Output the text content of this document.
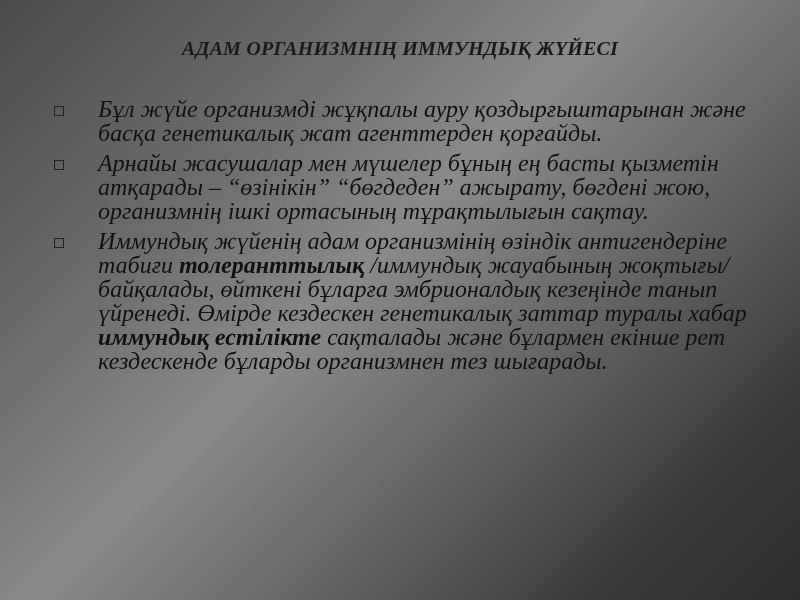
АДАМ ОРГАНИЗМНІҢ ИММУНДЫҚ ЖҮЙЕСІ
Бұл жүйе организмді жұқпалы ауру қоздырғыштарынан және басқа генетикалық жат агенттерден қорғайды.
Арнайы жасушалар мен мүшелер бұның ең басты қызметін атқарады – “өзінікін” “бөгдеден” ажырату, бөгдені жою, организмнің ішкі ортасының тұрақтылығын сақтау.
Иммундық жүйенің адам организмінің өзіндік антигендеріне табиғи толеранттылық /иммундық жауабының жоқтығы/ байқалады, өйткені бұларға эмбрионалдық кезеңінде танып үйренеді. Өмірде кездескен генетикалық заттар туралы хабар иммундық естілікте сақталады және бұлармен екінше рет кездескенде бұларды организмнен тез шығарады.
